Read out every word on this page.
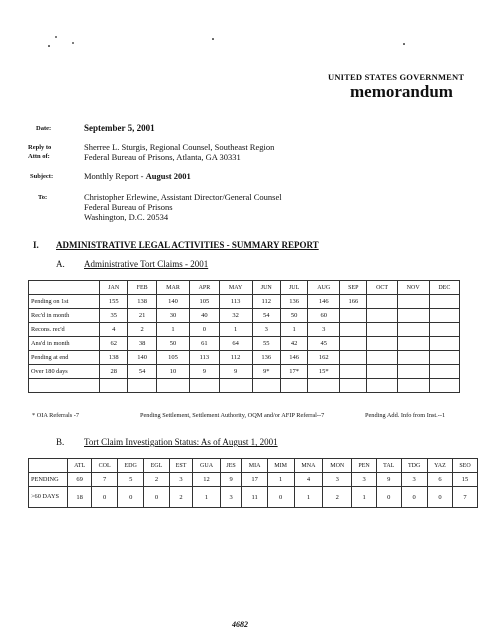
UNITED STATES GOVERNMENT
memorandum
Date:	September 5, 2001
Reply to
Attn of:
Sherree L. Sturgis, Regional Counsel, Southeast Region
Federal Bureau of Prisons, Atlanta, GA 30331
Subject:	Monthly Report - August 2001
To:	Christopher Erlewine, Assistant Director/General Counsel
Federal Bureau of Prisons
Washington, D.C. 20534
I. ADMINISTRATIVE LEGAL ACTIVITIES - SUMMARY REPORT
A. Administrative Tort Claims - 2001
	JAN	FEB	MAR	APR	MAY	JUN	JUL	AUG	SEP	OCT	NOV	DEC
Pending on 1st	155	138	140	105	113	112	136	146	166			
Rec'd in month	35	21	30	40	32	54	50	60				
Recons. rec'd	4	2	1	0	1	3	1	3				
Ans'd in month	62	38	50	61	64	55	42	45				
Pending at end	138	140	105	113	112	136	146	162				
Over 180 days	28	54	10	9	9	9*	17*	15*				

* OIA Referrals -7	Pending Settlement, Settlement Authority, OQM and/or AFIP Referral--7	Pending Add. Info from Inst.--1
B. Tort Claim Investigation Status: As of August 1, 2001
	ATL	COL	EDG	EGL	EST	GUA	JES	MIA	MIM	MNA	MON	PEN	TAL	TDG	YAZ	SEO
PENDING	69	7	5	2	3	12	9	17	1	4	3	3	9	3	6	15
>60 DAYS	18	0	0	0	2	1	3	11	0	1	2	1	0	0	0	7
4682
